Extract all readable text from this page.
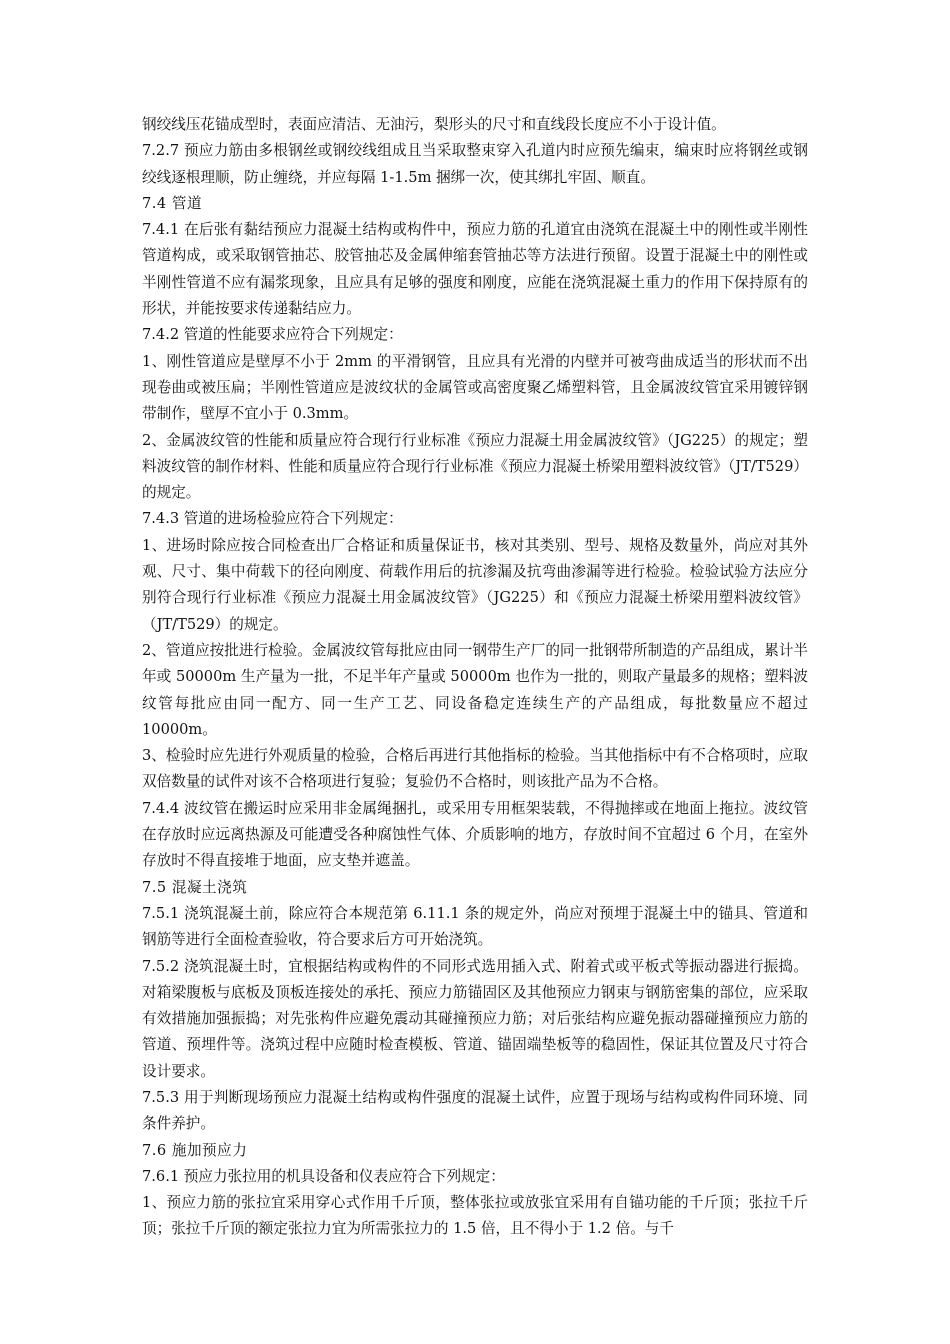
钢绞线压花锚成型时，表面应清洁、无油污，梨形头的尺寸和直线段长度应不小于设计值。

7.2.7 预应力筋由多根钢丝或钢绞线组成且当采取整束穿入孔道内时应预先编束，编束时应将钢丝或钢绞线逐根理顺，防止缠绕，并应每隔 1-1.5m 捆绑一次，使其绑扎牢固、顺直。

7.4 管道

7.4.1 在后张有黏结预应力混凝土结构或构件中，预应力筋的孔道宜由浇筑在混凝土中的刚性或半刚性管道构成，或采取钢管抽芯、胶管抽芯及金属伸缩套管抽芯等方法进行预留。设置于混凝土中的刚性或半刚性管道不应有漏浆现象，且应具有足够的强度和刚度，应能在浇筑混凝土重力的作用下保持原有的形状，并能按要求传递黏结应力。

7.4.2 管道的性能要求应符合下列规定：

1、刚性管道应是壁厚不小于 2mm 的平滑钢管，且应具有光滑的内壁并可被弯曲成适当的形状而不出现卷曲或被压扁；半刚性管道应是波纹状的金属管或高密度聚乙烯塑料管，且金属波纹管宜采用镀锌钢带制作，壁厚不宜小于 0.3mm。

2、金属波纹管的性能和质量应符合现行行业标准《预应力混凝土用金属波纹管》（JG225）的规定；塑料波纹管的制作材料、性能和质量应符合现行行业标准《预应力混凝土桥梁用塑料波纹管》（JT/T529）的规定。

7.4.3 管道的进场检验应符合下列规定：

1、进场时除应按合同检查出厂合格证和质量保证书，核对其类别、型号、规格及数量外，尚应对其外观、尺寸、集中荷载下的径向刚度、荷载作用后的抗渗漏及抗弯曲渗漏等进行检验。检验试验方法应分别符合现行行业标准《预应力混凝土用金属波纹管》（JG225）和《预应力混凝土桥梁用塑料波纹管》（JT/T529）的规定。

2、管道应按批进行检验。金属波纹管每批应由同一钢带生产厂的同一批钢带所制造的产品组成，累计半年或 50000m 生产量为一批，不足半年产量或 50000m 也作为一批的，则取产量最多的规格；塑料波纹管每批应由同一配方、同一生产工艺、同设备稳定连续生产的产品组成，每批数量应不超过 10000m。

3、检验时应先进行外观质量的检验，合格后再进行其他指标的检验。当其他指标中有不合格项时，应取双倍数量的试件对该不合格项进行复验；复验仍不合格时，则该批产品为不合格。

7.4.4 波纹管在搬运时应采用非金属绳捆扎，或采用专用框架装载，不得抛摔或在地面上拖拉。波纹管在存放时应远离热源及可能遭受各种腐蚀性气体、介质影响的地方，存放时间不宜超过 6 个月，在室外存放时不得直接堆于地面，应支垫并遮盖。

7.5 混凝土浇筑

7.5.1 浇筑混凝土前，除应符合本规范第 6.11.1 条的规定外，尚应对预埋于混凝土中的锚具、管道和钢筋等进行全面检查验收，符合要求后方可开始浇筑。

7.5.2 浇筑混凝土时，宜根据结构或构件的不同形式选用插入式、附着式或平板式等振动器进行振捣。对箱梁腹板与底板及顶板连接处的承托、预应力筋锚固区及其他预应力钢束与钢筋密集的部位，应采取有效措施加强振捣；对先张构件应避免震动其碰撞预应力筋；对后张结构应避免振动器碰撞预应力筋的管道、预埋件等。浇筑过程中应随时检查模板、管道、锚固端垫板等的稳固性，保证其位置及尺寸符合设计要求。

7.5.3 用于判断现场预应力混凝土结构或构件强度的混凝土试件，应置于现场与结构或构件同环境、同条件养护。

7.6 施加预应力

7.6.1 预应力张拉用的机具设备和仪表应符合下列规定：

1、预应力筋的张拉宜采用穿心式作用千斤顶，整体张拉或放张宜采用有自锚功能的千斤顶；张拉千斤顶；张拉千斤顶的额定张拉力宜为所需张拉力的 1.5 倍，且不得小于 1.2 倍。与千
